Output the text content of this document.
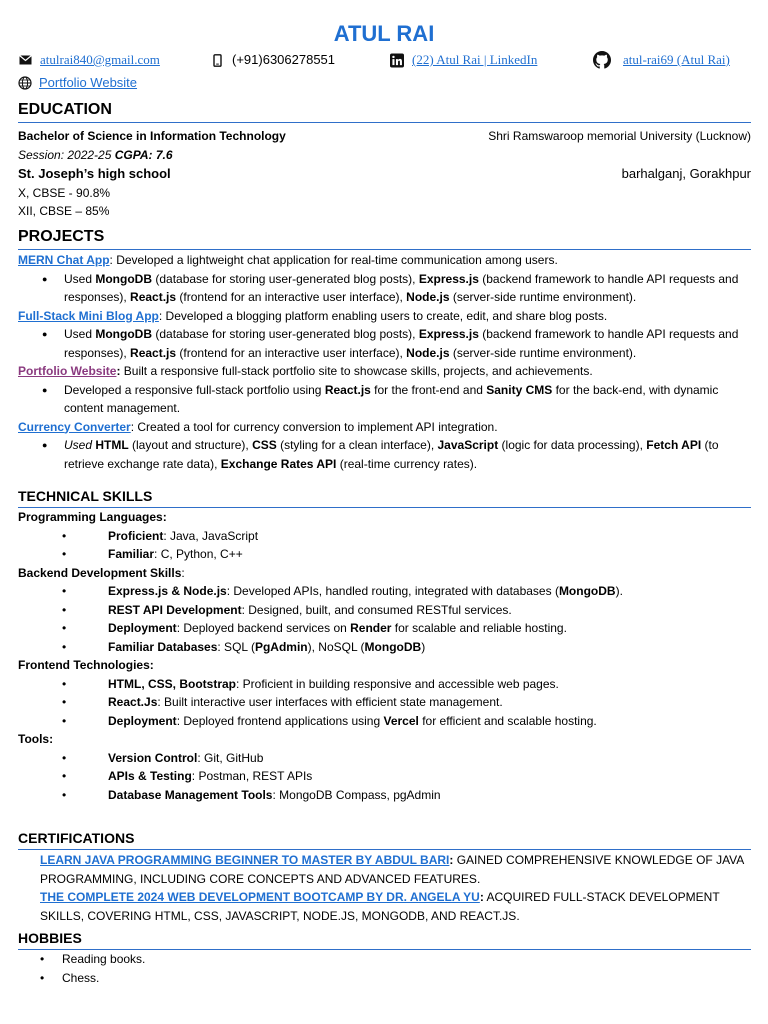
ATUL RAI
atulrai840@gmail.com	(+91)6306278551	(22) Atul Rai | LinkedIn	atul-rai69 (Atul Rai)
Portfolio Website
EDUCATION
Bachelor of Science in Information Technology	Shri Ramswaroop memorial University (Lucknow)
Session: 2022-25 CGPA: 7.6
St. Joseph’s high school	barhalganj, Gorakhpur
X, CBSE - 90.8%
XII, CBSE – 85%
PROJECTS
MERN Chat App: Developed a lightweight chat application for real-time communication among users.
● Used MongoDB (database for storing user-generated blog posts), Express.js (backend framework to handle API requests and responses), React.js (frontend for an interactive user interface), Node.js (server-side runtime environment).
Full-Stack Mini Blog App: Developed a blogging platform enabling users to create, edit, and share blog posts.
● Used MongoDB (database for storing user-generated blog posts), Express.js (backend framework to handle API requests and responses), React.js (frontend for an interactive user interface), Node.js (server-side runtime environment).
Portfolio Website: Built a responsive full-stack portfolio site to showcase skills, projects, and achievements.
● Developed a responsive full-stack portfolio using React.js for the front-end and Sanity CMS for the back-end, with dynamic content management.
Currency Converter: Created a tool for currency conversion to implement API integration.
● Used HTML (layout and structure), CSS (styling for a clean interface), JavaScript (logic for data processing), Fetch API (to retrieve exchange rate data), Exchange Rates API (real-time currency rates).
TECHNICAL SKILLS
Programming Languages:
• Proficient: Java, JavaScript
• Familiar: C, Python, C++
Backend Development Skills:
• Express.js & Node.js: Developed APIs, handled routing, integrated with databases (MongoDB).
• REST API Development: Designed, built, and consumed RESTful services.
• Deployment: Deployed backend services on Render for scalable and reliable hosting.
• Familiar Databases: SQL (PgAdmin), NoSQL (MongoDB)
Frontend Technologies:
• HTML, CSS, Bootstrap: Proficient in building responsive and accessible web pages.
• React.Js: Built interactive user interfaces with efficient state management.
• Deployment: Deployed frontend applications using Vercel for efficient and scalable hosting.
Tools:
• Version Control: Git, GitHub
• APIs & Testing: Postman, REST APIs
• Database Management Tools: MongoDB Compass, pgAdmin
CERTIFICATIONS
LEARN JAVA PROGRAMMING BEGINNER TO MASTER BY ABDUL BARI: GAINED COMPREHENSIVE KNOWLEDGE OF JAVA PROGRAMMING, INCLUDING CORE CONCEPTS AND ADVANCED FEATURES.
THE COMPLETE 2024 WEB DEVELOPMENT BOOTCAMP BY DR. ANGELA YU: ACQUIRED FULL-STACK DEVELOPMENT SKILLS, COVERING HTML, CSS, JAVASCRIPT, NODE.JS, MONGODB, AND REACT.JS.
HOBBIES
• Reading books.
• Chess.
